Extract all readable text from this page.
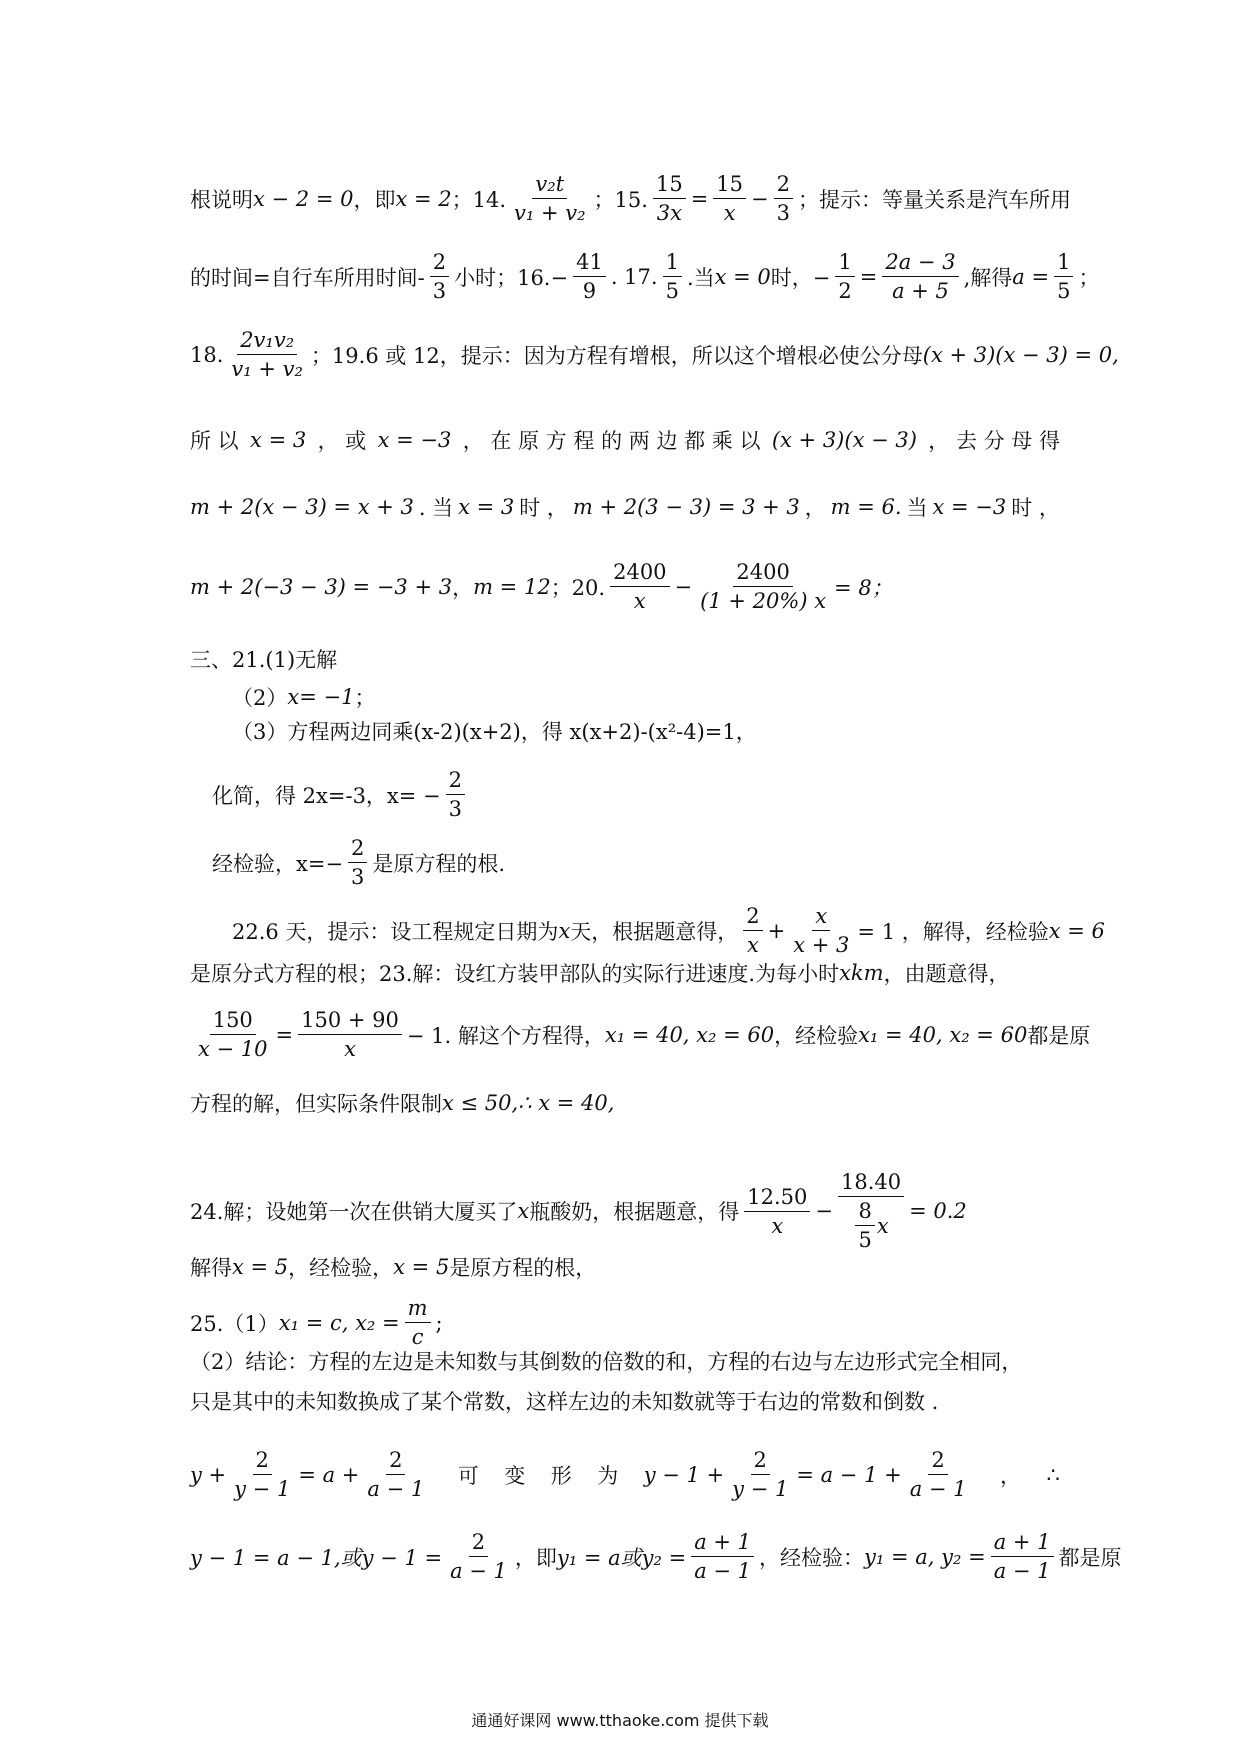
根说明 x − 2 = 0 ，即 x = 2 ；14. $\frac{\text{v₂t}}{\text{v₁ + v₂}}$ ；15. $\frac{15}{3x} = \frac{15}{x} - \frac{2}{3}$ ；提示：等量关系是汽车所用
的时间=自行车所用时间- $\frac{2}{3}$ 小时；$16.- \frac{41}{9}$ . 17. $\frac{1}{5}$ .当 x = 0 时，− $\frac{1}{2} = \frac{2a - 3}{a + 5}$ ,解得 $a = \frac{1}{5}$ ；
18. $\frac{\text{2v₁v₂}}{\text{v₁ + v₂}}$ ；19.6 或 12，提示：因为方程有增根，所以这个增根必使公分母 (x + 3)(x − 3) = 0,
所 以 x = 3 ， 或 x = −3 ， 在 原 方 程 的 两 边 都 乘 以 (x + 3)(x − 3) ， 去 分 母 得
m + 2(x − 3) = x + 3 . 当 x = 3 时 ， m + 2(3 − 3) = 3 + 3 ， m = 6. 当 x = −3 时 ，
m + 2(−3 − 3) = −3 + 3 ， m = 12 ；20. $\frac{2400}{x} - \frac{2400}{(1 + 20\%) x} = 8$；
三、21.(1)无解
（2） x= −1 ；
（3）方程两边同乘(x-2)(x+2)，得 x(x+2)-(x²-4)=1，
化简，得 2x=-3，$x= - \frac{2}{3}$
经检验，$x=- \frac{2}{3}$ 是原方程的根.
22.6 天，提示：设工程规定日期为 x 天，根据题意得， $\frac{2}{x} + \frac{x}{x + 3} = 1$ ，解得，经检验 x = 6
是原分式方程的根；23.解：设红方装甲部队的实际行进速度.为每小时 xkm ，由题意得，
$\frac{150}{x - 10} = \frac{150 + 90}{x} - 1$. 解这个方程得， x₁ = 40, x₂ = 60 ，经检验 x₁ = 40, x₂ = 60 都是原
方程的解，但实际条件限制 x ≤ 50,∴ x = 40,
24.解；设她第一次在供销大厦买了 x 瓶酸奶，根据题意，得 $\frac{12.50}{x} - \frac{18.40}{\frac{8}{5} x} = 0.2$
解得 x = 5 ，经检验， x = 5 是原方程的根，
25.（1） x₁ = c, $x_2 = \frac{m}{c}$ ;
（2）结论：方程的左边是未知数与其倒数的倍数的和，方程的右边与左边形式完全相同，
只是其中的未知数换成了某个常数，这样左边的未知数就等于右边的常数和倒数 .
$y + \frac{2}{y - 1} = a + \frac{2}{a - 1}$ 可 变 形 为 $y - 1 + \frac{2}{y - 1} = a - 1 + \frac{2}{a - 1}$ ， ∴
y − 1 = a − 1,或$y - 1 = \frac{2}{a - 1}$ ，即 y₁ = a或$y_2 = \frac{a + 1}{a - 1}$ ，经检验： y₁ = a, $y_2 = \frac{a + 1}{a - 1}$ 都是原
通通好课网 www.tthaoke.com 提供下载
